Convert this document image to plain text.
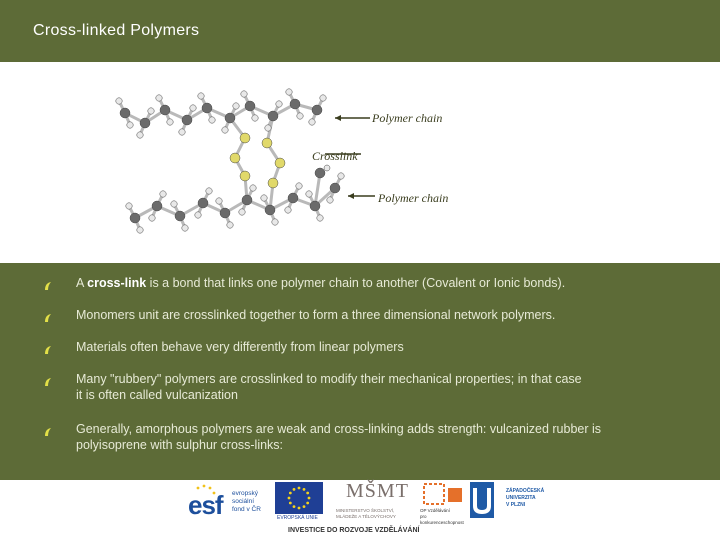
Cross-linked Polymers
Polymer chain
Crosslink
Polymer chain
A cross-link is a bond that links one polymer chain to another (Covalent or Ionic bonds).
Monomers unit are crosslinked together to form a three dimensional network polymers.
Materials often behave very differently from linear polymers
Many "rubbery" polymers are crosslinked to modify their mechanical properties; in that case
it is often called vulcanization
Generally, amorphous polymers are weak and cross-linking adds strength: vulcanized rubber is
polyisoprene with sulphur cross-links:
esf evropský
sociální
fond v ČR
EVROPSKÁ UNIE
MŠMT
MINISTERSTVO ŠKOLSTVÍ,
MLÁDEŽE A TĚLOVÝCHOVY
OP Vzdělávání
pro konkurenceschopnost
ZÁPADOČESKÁ
UNIVERZITA
V PLZNI
INVESTICE DO ROZVOJE VZDĚLÁVÁNÍ
